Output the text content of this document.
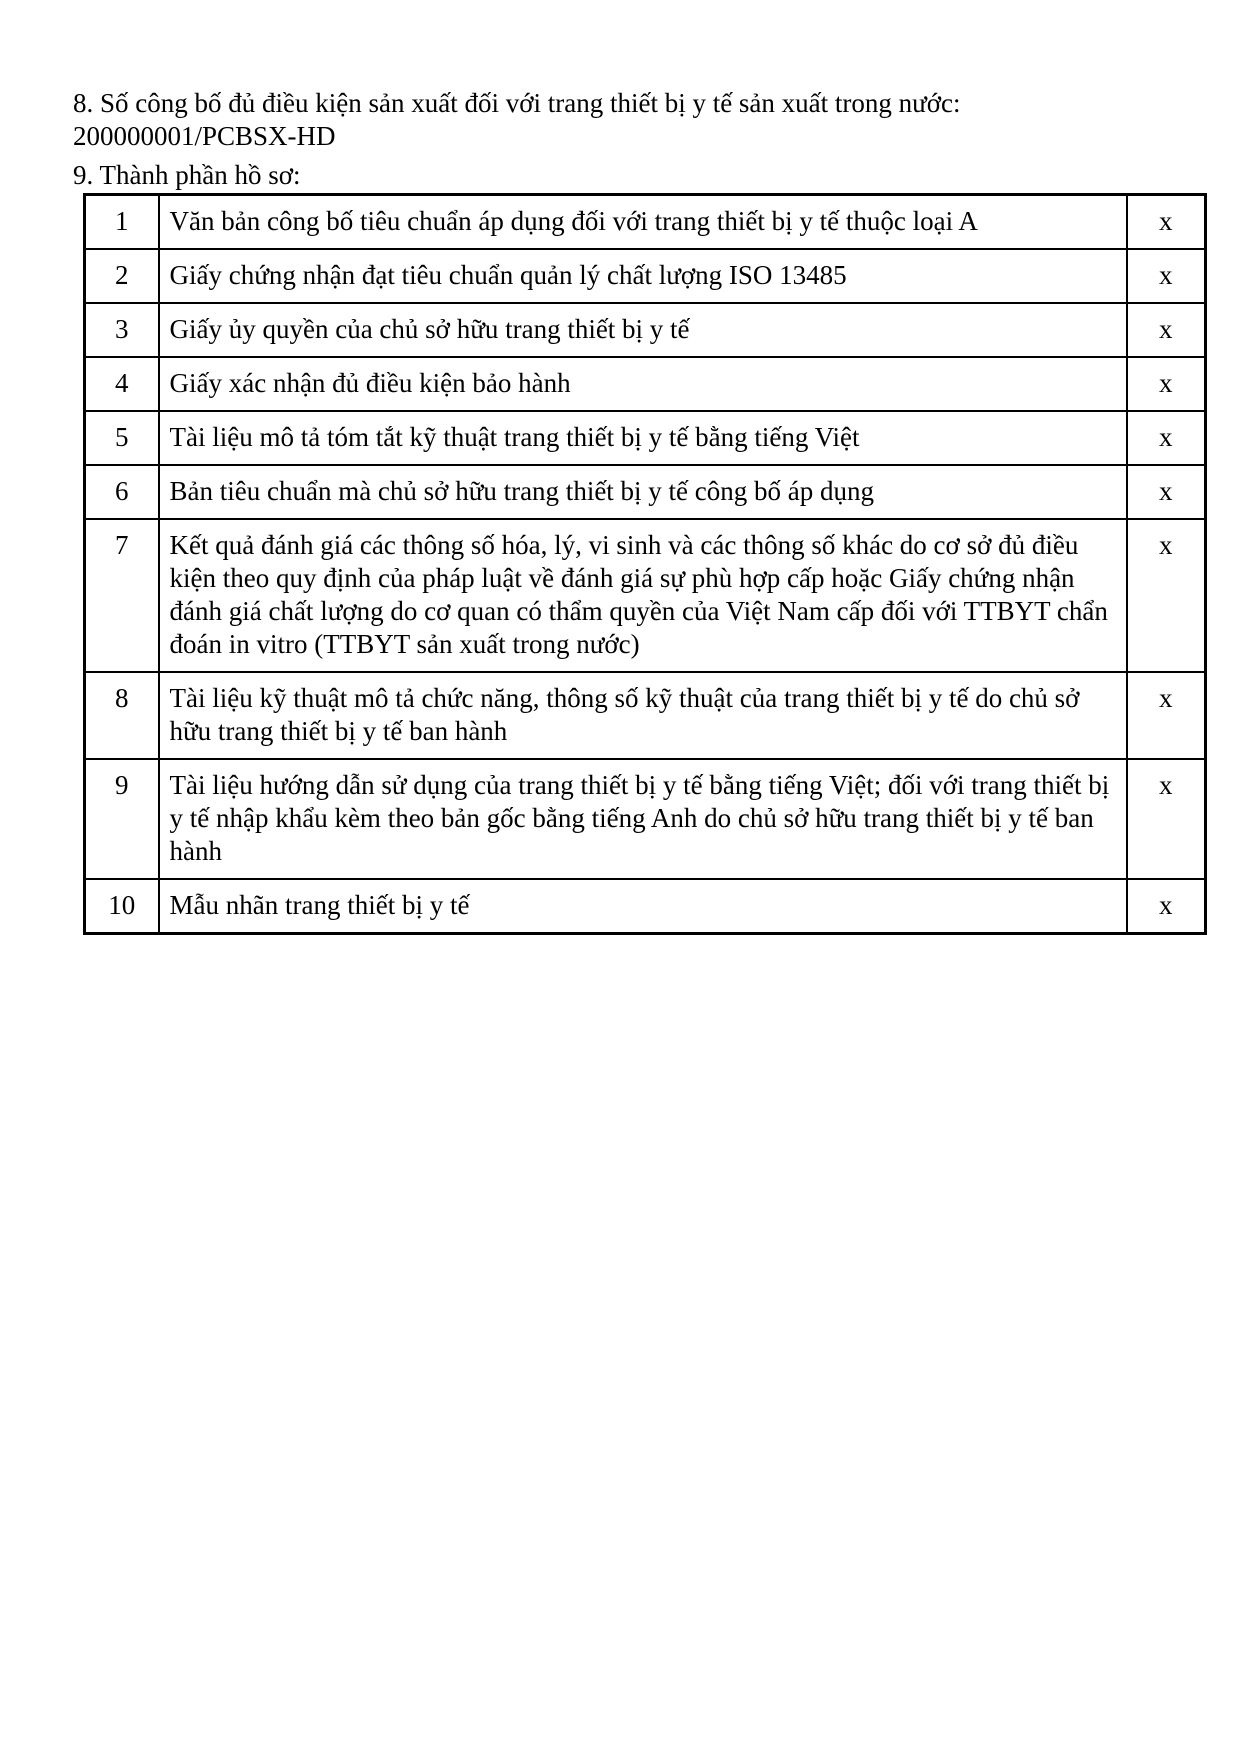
8. Số công bố đủ điều kiện sản xuất đối với trang thiết bị y tế sản xuất trong nước:
200000001/PCBSX-HD

9. Thành phần hồ sơ:

1	Văn bản công bố tiêu chuẩn áp dụng đối với trang thiết bị y tế thuộc loại A	x
2	Giấy chứng nhận đạt tiêu chuẩn quản lý chất lượng ISO 13485	x
3	Giấy ủy quyền của chủ sở hữu trang thiết bị y tế	x
4	Giấy xác nhận đủ điều kiện bảo hành	x
5	Tài liệu mô tả tóm tắt kỹ thuật trang thiết bị y tế bằng tiếng Việt	x
6	Bản tiêu chuẩn mà chủ sở hữu trang thiết bị y tế công bố áp dụng	x
7	Kết quả đánh giá các thông số hóa, lý, vi sinh và các thông số khác do cơ sở đủ điều kiện theo quy định của pháp luật về đánh giá sự phù hợp cấp hoặc Giấy chứng nhận đánh giá chất lượng do cơ quan có thẩm quyền của Việt Nam cấp đối với TTBYT chẩn đoán in vitro (TTBYT sản xuất trong nước)	x
8	Tài liệu kỹ thuật mô tả chức năng, thông số kỹ thuật của trang thiết bị y tế do chủ sở hữu trang thiết bị y tế ban hành	x
9	Tài liệu hướng dẫn sử dụng của trang thiết bị y tế bằng tiếng Việt; đối với trang thiết bị y tế nhập khẩu kèm theo bản gốc bằng tiếng Anh do chủ sở hữu trang thiết bị y tế ban hành	x
10	Mẫu nhãn trang thiết bị y tế	x
